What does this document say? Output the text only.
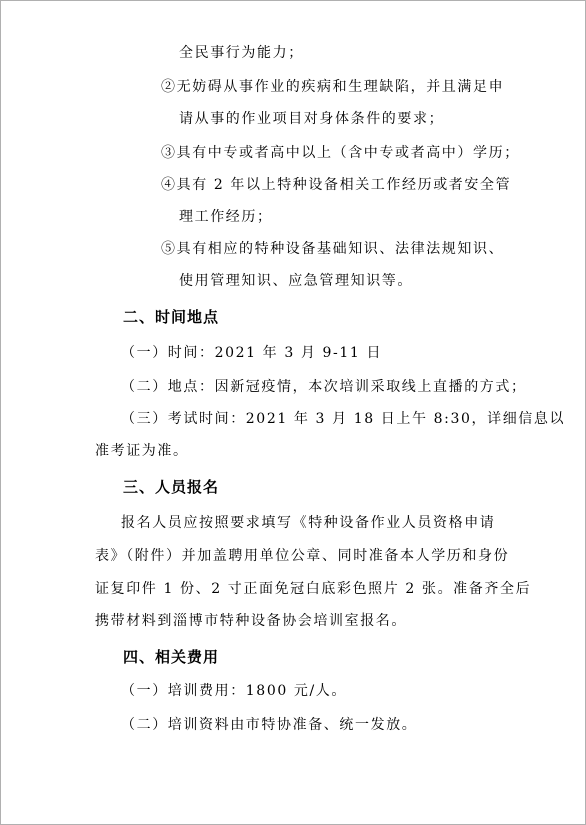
全民事行为能力；
②无妨碍从事作业的疾病和生理缺陷，并且满足申
请从事的作业项目对身体条件的要求；
③具有中专或者高中以上（含中专或者高中）学历；
④具有 2 年以上特种设备相关工作经历或者安全管
理工作经历；
⑤具有相应的特种设备基础知识、法律法规知识、
使用管理知识、应急管理知识等。
二、时间地点
（一）时间：2021 年 3 月 9-11 日
（二）地点：因新冠疫情，本次培训采取线上直播的方式；
（三）考试时间：2021 年 3 月 18 日上午 8:30，详细信息以
准考证为准。
三、人员报名
报名人员应按照要求填写《特种设备作业人员资格申请
表》（附件）并加盖聘用单位公章、同时准备本人学历和身份
证复印件 1 份、2 寸正面免冠白底彩色照片 2 张。准备齐全后
携带材料到淄博市特种设备协会培训室报名。
四、相关费用
（一）培训费用：1800 元/人。
（二）培训资料由市特协准备、统一发放。
